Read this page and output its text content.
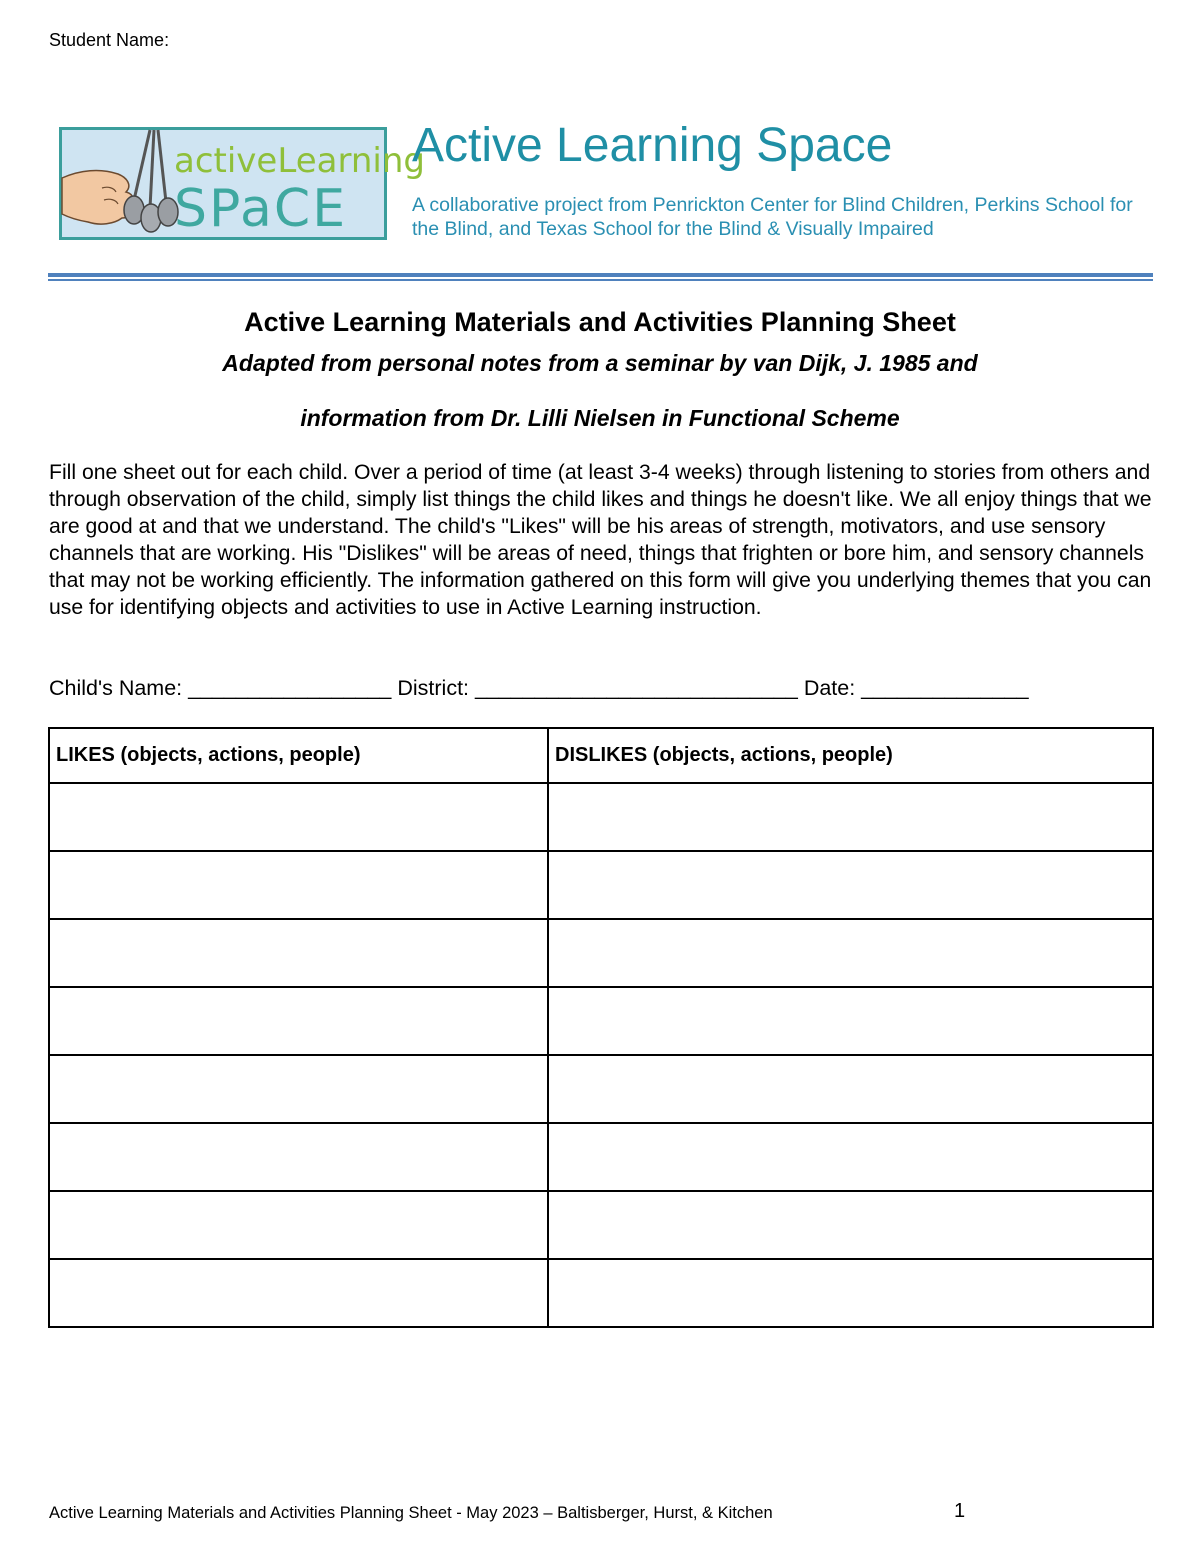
Student Name:
activeLearning
SPaCE
Active Learning Space
A collaborative project from Penrickton Center for Blind Children, Perkins School for the Blind, and Texas School for the Blind & Visually Impaired
Active Learning Materials and Activities Planning Sheet
Adapted from personal notes from a seminar by van Dijk, J. 1985 and
information from Dr. Lilli Nielsen in Functional Scheme

Fill one sheet out for each child. Over a period of time (at least 3-4 weeks) through listening to stories from others and through observation of the child, simply list things the child likes and things he doesn't like. We all enjoy things that we are good at and that we understand. The child's "Likes" will be his areas of strength, motivators, and use sensory channels that are working. His "Dislikes" will be areas of need, things that frighten or bore him, and sensory channels that may not be working efficiently. The information gathered on this form will give you underlying themes that you can use for identifying objects and activities to use in Active Learning instruction.

Child's Name: _________________ District: ___________________________ Date: ______________
LIKES (objects, actions, people)	DISLIKES (objects, actions, people)

Active Learning Materials and Activities Planning Sheet - May 2023 – Baltisberger, Hurst, & Kitchen	1
